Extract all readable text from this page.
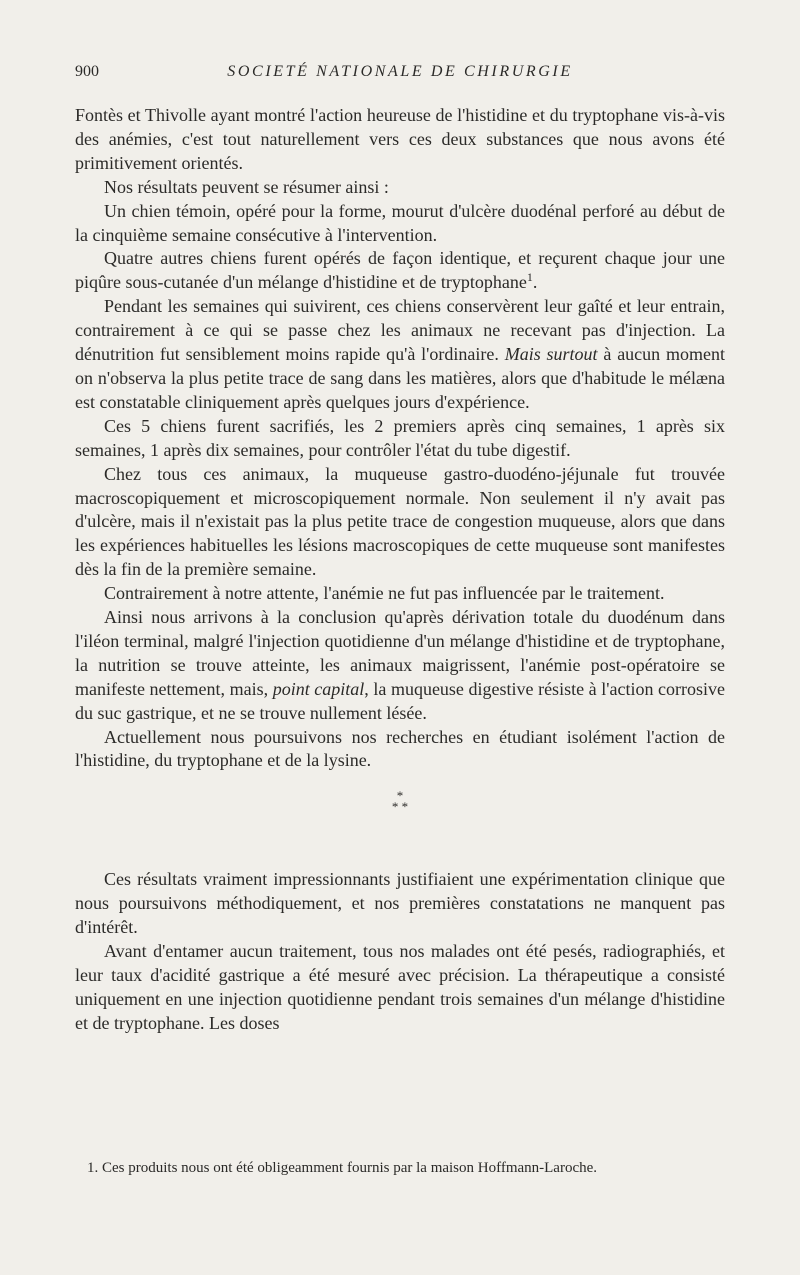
900	SOCIETÉ NATIONALE DE CHIRURGIE

Fontès et Thivolle ayant montré l'action heureuse de l'histidine et du tryptophane vis-à-vis des anémies, c'est tout naturellement vers ces deux substances que nous avons été primitivement orientés.

Nos résultats peuvent se résumer ainsi :

Un chien témoin, opéré pour la forme, mourut d'ulcère duodénal perforé au début de la cinquième semaine consécutive à l'intervention.

Quatre autres chiens furent opérés de façon identique, et reçurent chaque jour une piqûre sous-cutanée d'un mélange d'histidine et de tryptophane$^1$.

Pendant les semaines qui suivirent, ces chiens conservèrent leur gaîté et leur entrain, contrairement à ce qui se passe chez les animaux ne recevant pas d'injection. La dénutrition fut sensiblement moins rapide qu'à l'ordinaire. Mais surtout à aucun moment on n'observa la plus petite trace de sang dans les matières, alors que d'habitude le mélæna est constatable cliniquement après quelques jours d'expérience.

Ces 5 chiens furent sacrifiés, les 2 premiers après cinq semaines, 1 après six semaines, 1 après dix semaines, pour contrôler l'état du tube digestif.

Chez tous ces animaux, la muqueuse gastro-duodéno-jéjunale fut trouvée macroscopiquement et microscopiquement normale. Non seulement il n'y avait pas d'ulcère, mais il n'existait pas la plus petite trace de congestion muqueuse, alors que dans les expériences habituelles les lésions macroscopiques de cette muqueuse sont manifestes dès la fin de la première semaine.

Contrairement à notre attente, l'anémie ne fut pas influencée par le traitement.

Ainsi nous arrivons à la conclusion qu'après dérivation totale du duodénum dans l'iléon terminal, malgré l'injection quotidienne d'un mélange d'histidine et de tryptophane, la nutrition se trouve atteinte, les animaux maigrissent, l'anémie post-opératoire se manifeste nettement, mais, point capital, la muqueuse digestive résiste à l'action corrosive du suc gastrique, et ne se trouve nullement lésée.

Actuellement nous poursuivons nos recherches en étudiant isolément l'action de l'histidine, du tryptophane et de la lysine.

*
* *

Ces résultats vraiment impressionnants justifiaient une expérimentation clinique que nous poursuivons méthodiquement, et nos premières constatations ne manquent pas d'intérêt.

Avant d'entamer aucun traitement, tous nos malades ont été pesés, radiographiés, et leur taux d'acidité gastrique a été mesuré avec précision. La thérapeutique a consisté uniquement en une injection quotidienne pendant trois semaines d'un mélange d'histidine et de tryptophane. Les doses

1. Ces produits nous ont été obligeamment fournis par la maison Hoffmann-Laroche.
